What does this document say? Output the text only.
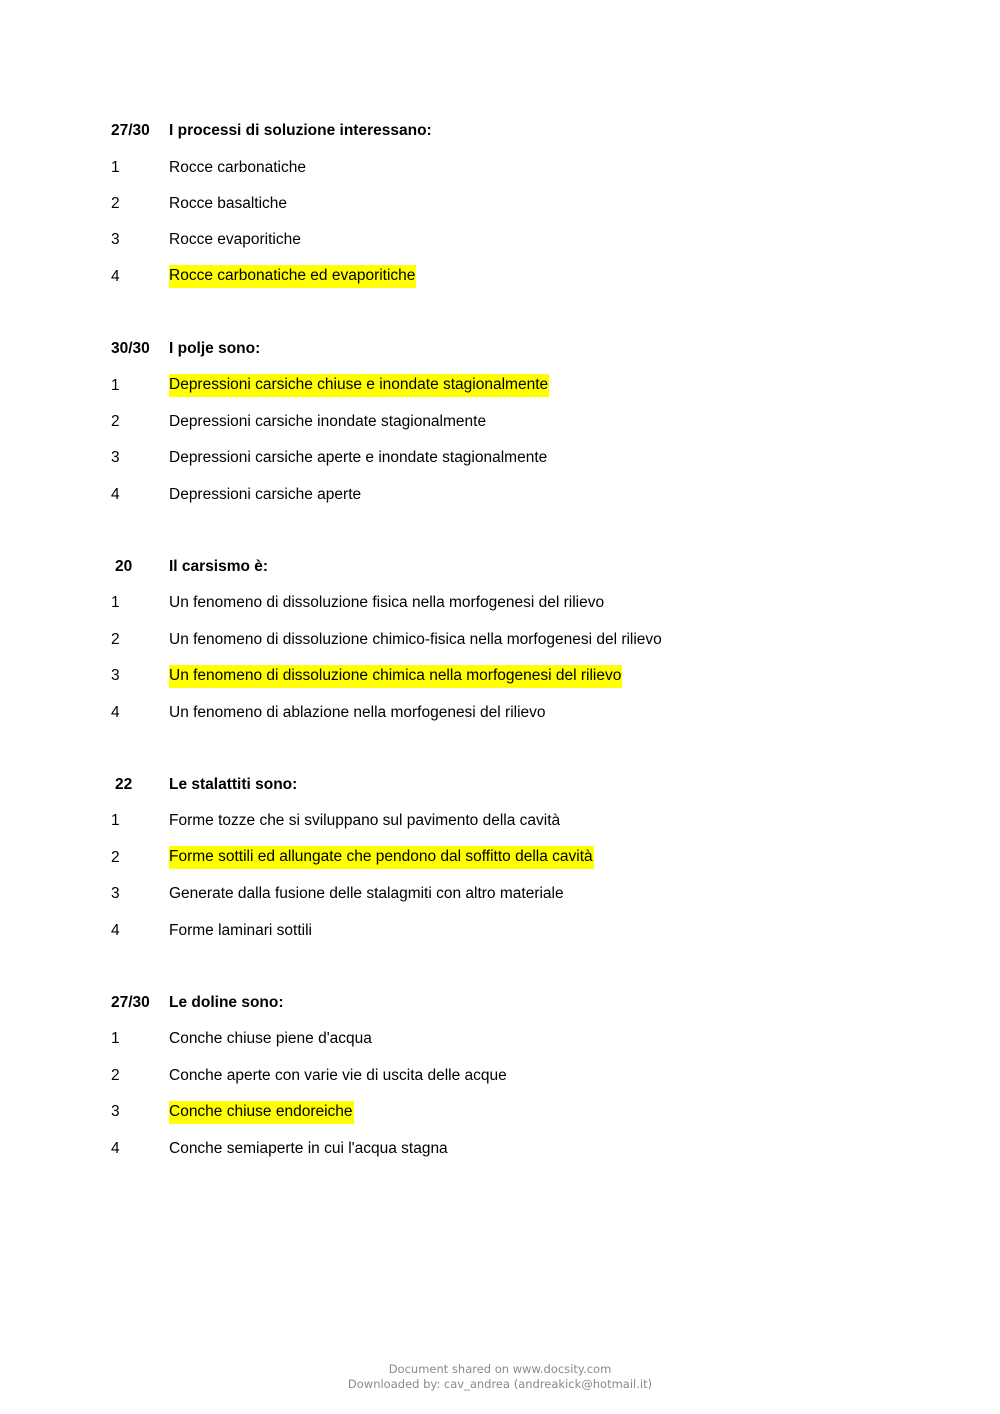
27/30	I processi di soluzione interessano:
1	Rocce carbonatiche
2	Rocce basaltiche
3	Rocce evaporitiche
4	Rocce carbonatiche ed evaporitiche
30/30	I polje sono:
1	Depressioni carsiche chiuse e inondate stagionalmente
2	Depressioni carsiche inondate stagionalmente
3	Depressioni carsiche aperte e inondate stagionalmente
4	Depressioni carsiche aperte
20	Il carsismo è:
1	Un fenomeno di dissoluzione fisica nella morfogenesi del rilievo
2	Un fenomeno di dissoluzione chimico-fisica nella morfogenesi del rilievo
3	Un fenomeno di dissoluzione chimica nella morfogenesi del rilievo
4	Un fenomeno di ablazione nella morfogenesi del rilievo
22	Le stalattiti sono:
1	Forme tozze che si sviluppano sul pavimento della cavità
2	Forme sottili ed allungate che pendono dal soffitto della cavità
3	Generate dalla fusione delle stalagmiti con altro materiale
4	Forme laminari sottili
27/30	Le doline sono:
1	Conche chiuse piene d'acqua
2	Conche aperte con varie vie di uscita delle acque
3	Conche chiuse endoreiche
4	Conche semiaperte in cui l'acqua stagna
Document shared on www.docsity.com
Downloaded by: cav_andrea (andreakick@hotmail.it)
